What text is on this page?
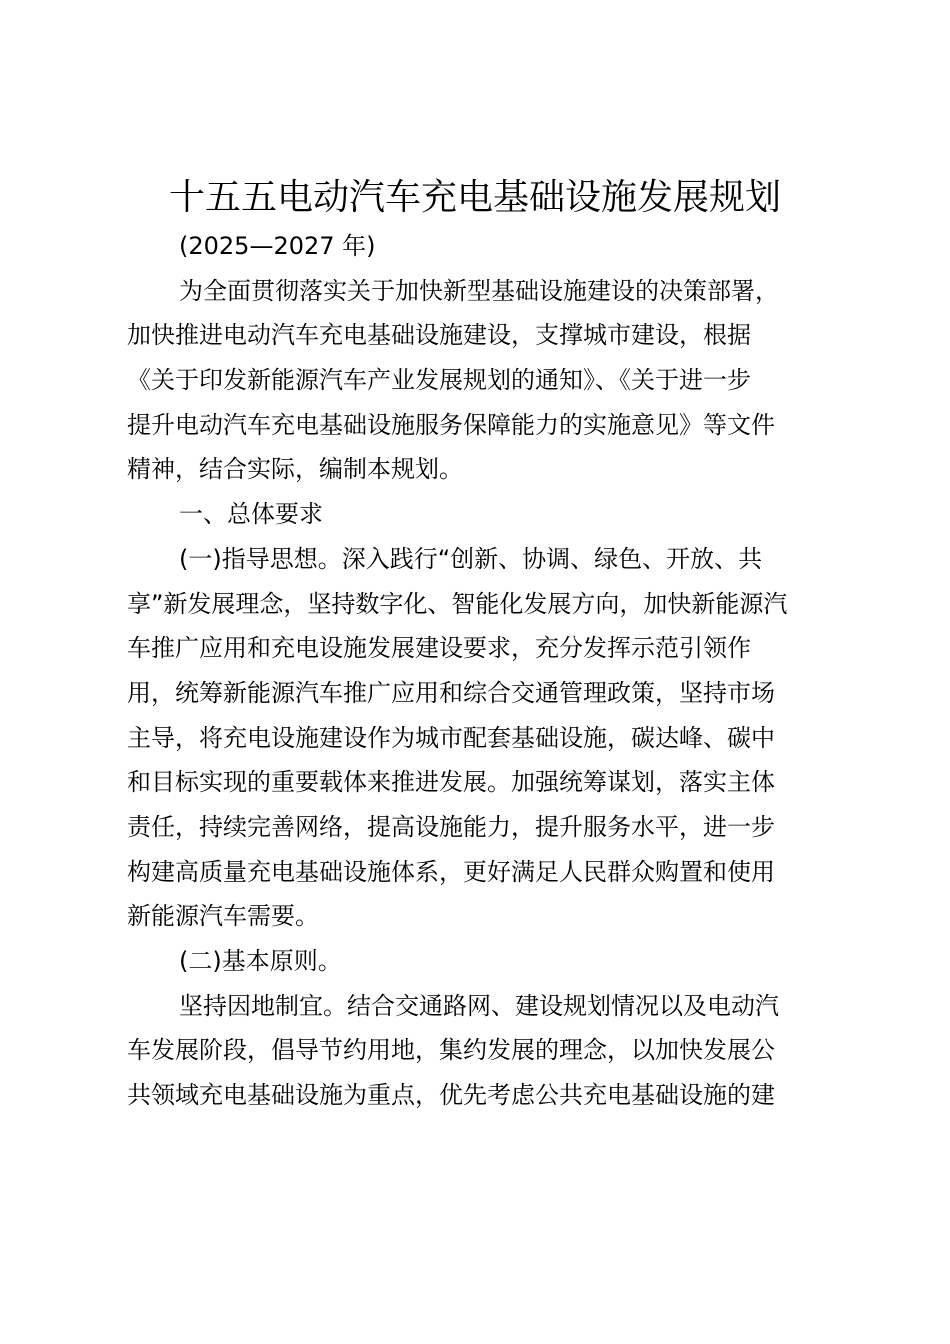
十五五电动汽车充电基础设施发展规划
(2025—2027 年)
为全面贯彻落实关于加快新型基础设施建设的决策部署，
加快推进电动汽车充电基础设施建设，支撑城市建设，根据
《关于印发新能源汽车产业发展规划的通知》、《关于进一步
提升电动汽车充电基础设施服务保障能力的实施意见》等文件
精神，结合实际，编制本规划。
一、总体要求
(一)指导思想。深入践行“创新、协调、绿色、开放、共
享”新发展理念，坚持数字化、智能化发展方向，加快新能源汽
车推广应用和充电设施发展建设要求，充分发挥示范引领作
用，统筹新能源汽车推广应用和综合交通管理政策，坚持市场
主导，将充电设施建设作为城市配套基础设施，碳达峰、碳中
和目标实现的重要载体来推进发展。加强统筹谋划，落实主体
责任，持续完善网络，提高设施能力，提升服务水平，进一步
构建高质量充电基础设施体系，更好满足人民群众购置和使用
新能源汽车需要。
(二)基本原则。
坚持因地制宜。结合交通路网、建设规划情况以及电动汽
车发展阶段，倡导节约用地，集约发展的理念，以加快发展公
共领域充电基础设施为重点，优先考虑公共充电基础设施的建
